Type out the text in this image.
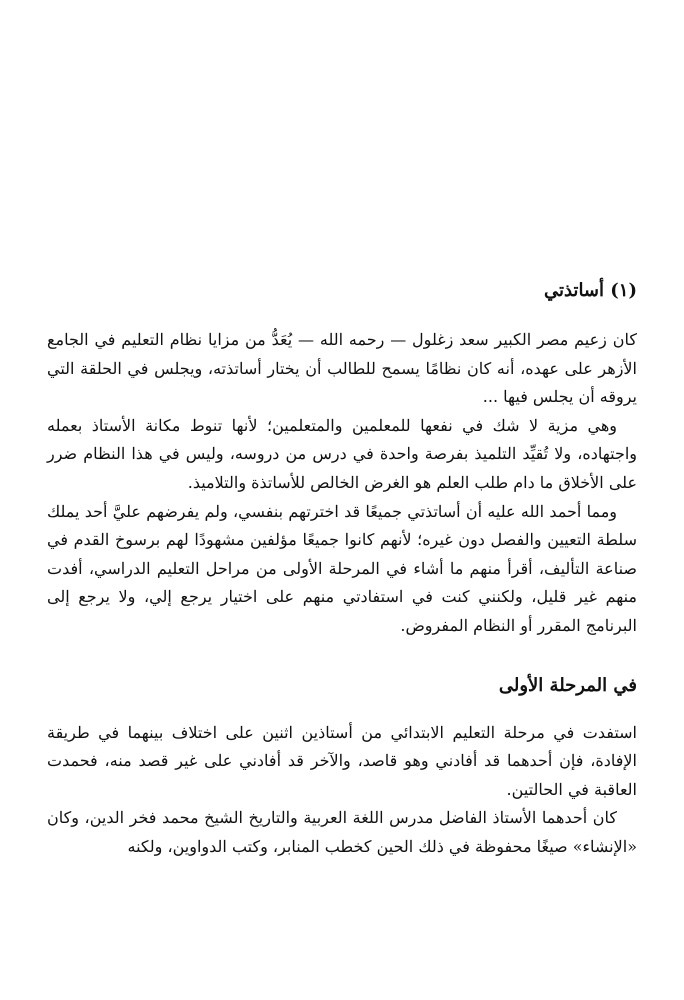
(١) أساتذتي

كان زعيم مصر الكبير سعد زغلول — رحمه الله — يُعَدُّ من مزايا نظام التعليم في الجامع الأزهر على عهده، أنه كان نظامًا يسمح للطالب أن يختار أساتذته، ويجلس في الحلقة التي يروقه أن يجلس فيها ...

وهي مزية لا شك في نفعها للمعلمين والمتعلمين؛ لأنها تنوط مكانة الأستاذ بعمله واجتهاده، ولا تُقيِّد التلميذ بفرصة واحدة في درس من دروسه، وليس في هذا النظام ضرر على الأخلاق ما دام طلب العلم هو الغرض الخالص للأساتذة والتلاميذ.

ومما أحمد الله عليه أن أساتذتي جميعًا قد اخترتهم بنفسي، ولم يفرضهم عليَّ أحد يملك سلطة التعيين والفصل دون غيره؛ لأنهم كانوا جميعًا مؤلفين مشهودًا لهم برسوخ القدم في صناعة التأليف، أقرأ منهم ما أشاء في المرحلة الأولى من مراحل التعليم الدراسي، أفدت منهم غير قليل، ولكنني كنت في استفادتي منهم على اختيار يرجع إلي، ولا يرجع إلى البرنامج المقرر أو النظام المفروض.

في المرحلة الأولى

استفدت في مرحلة التعليم الابتدائي من أستاذين اثنين على اختلاف بينهما في طريقة الإفادة، فإن أحدهما قد أفادني وهو قاصد، والآخر قد أفادني على غير قصد منه، فحمدت العاقبة في الحالتين.

كان أحدهما الأستاذ الفاضل مدرس اللغة العربية والتاريخ الشيخ محمد فخر الدين، وكان «الإنشاء» صيغًا محفوظة في ذلك الحين كخطب المنابر، وكتب الدواوين، ولكنه
